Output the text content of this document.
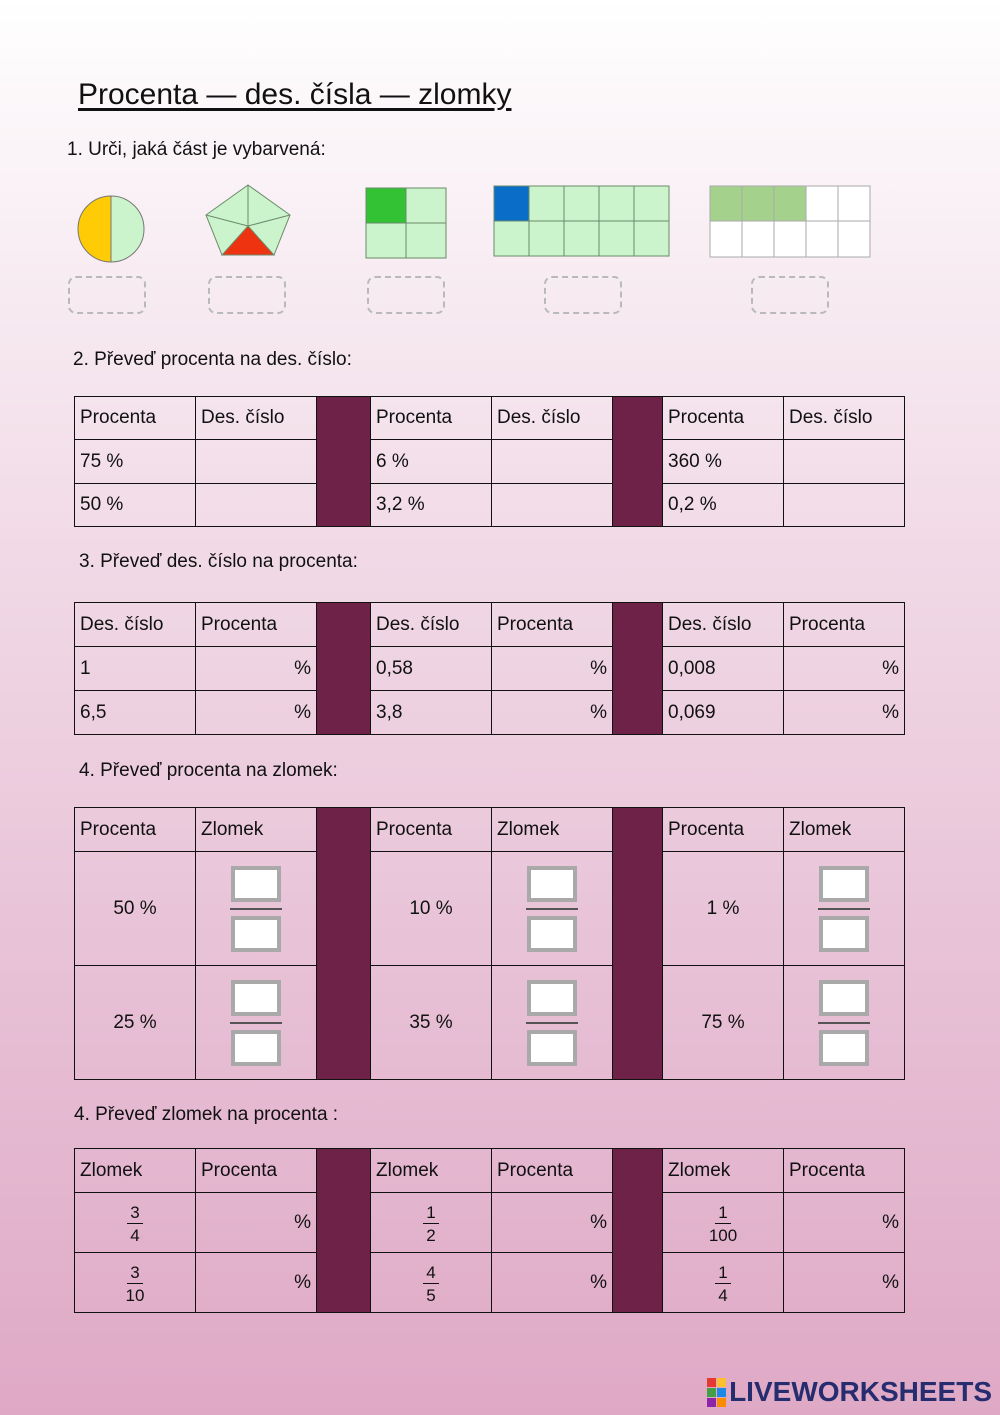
Procenta — des. čísla — zlomky
1. Urči, jaká část je vybarvená:
2. Převeď procenta na des. číslo:
Procenta	Des. číslo		Procenta	Des. číslo		Procenta	Des. číslo
75 %			6 %			360 %	
50 %			3,2 %			0,2 %	
3. Převeď des. číslo na procenta:
Des. číslo	Procenta		Des. číslo	Procenta		Des. číslo	Procenta
1	%		0,58	%		0,008	%
6,5	%		3,8	%		0,069	%
4. Převeď procenta na zlomek:
Procenta	Zlomek		Procenta	Zlomek		Procenta	Zlomek
50 %			10 %			1 %	

25 %			35 %			75 %	
4. Převeď zlomek na procenta :
Zlomek	Procenta		Zlomek	Procenta		Zlomek	Procenta

$\frac{3}{4}$	%		$\frac{1}{2}$	%		$\frac{1}{100}$	%

$\frac{3}{10}$	%		$\frac{4}{5}$	%		$\frac{1}{4}$	%
LIVEWORKSHEETS
